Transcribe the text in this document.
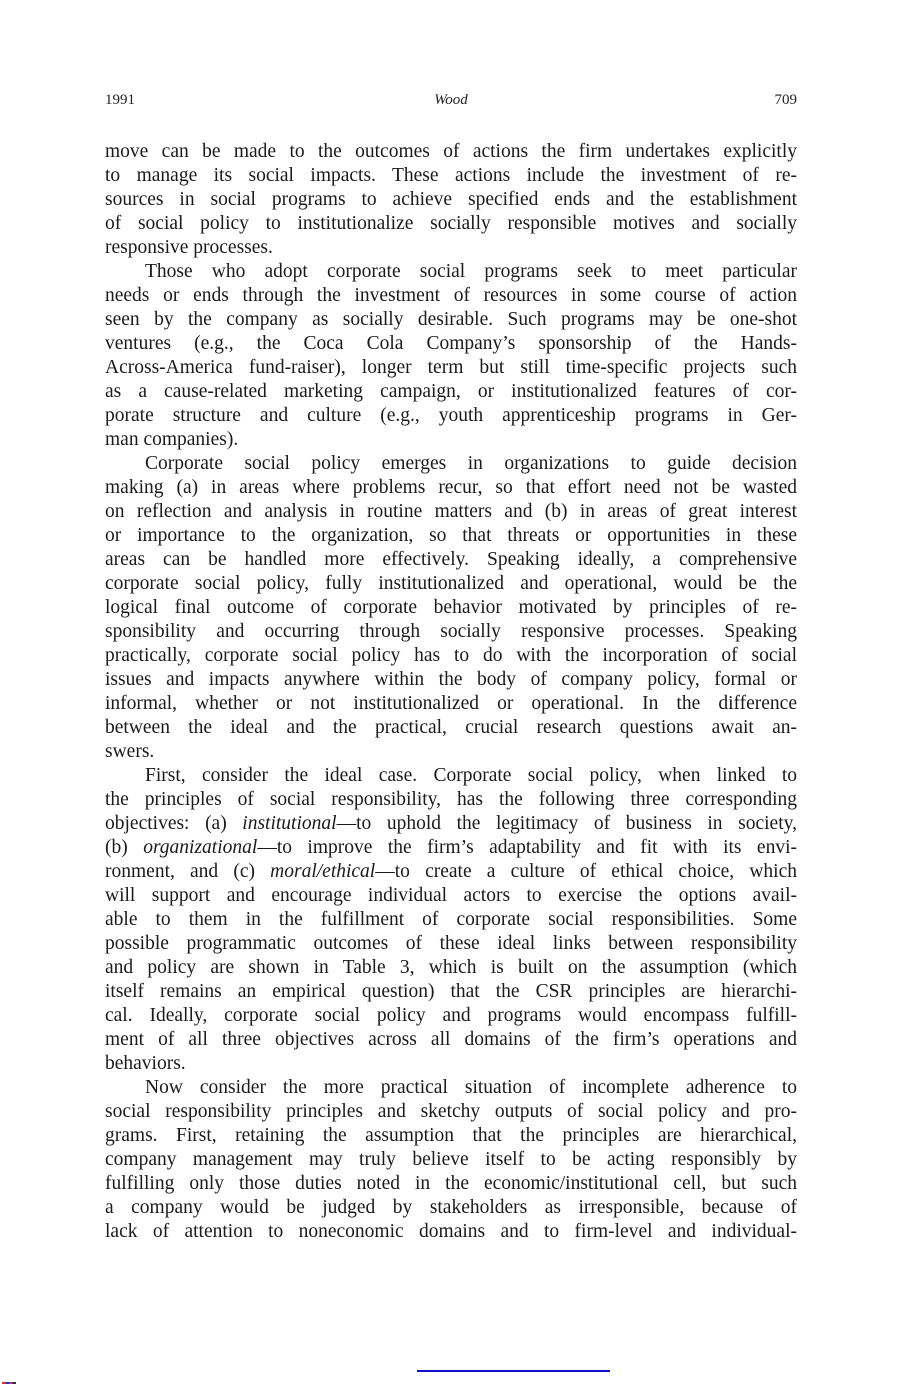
1991	Wood	709
move can be made to the outcomes of actions the firm undertakes explicitly
to manage its social impacts. These actions include the investment of re-
sources in social programs to achieve specified ends and the establishment
of social policy to institutionalize socially responsible motives and socially
responsive processes.
Those who adopt corporate social programs seek to meet particular
needs or ends through the investment of resources in some course of action
seen by the company as socially desirable. Such programs may be one-shot
ventures (e.g., the Coca Cola Company’s sponsorship of the Hands-
Across-America fund-raiser), longer term but still time-specific projects such
as a cause-related marketing campaign, or institutionalized features of cor-
porate structure and culture (e.g., youth apprenticeship programs in Ger-
man companies).
Corporate social policy emerges in organizations to guide decision
making (a) in areas where problems recur, so that effort need not be wasted
on reflection and analysis in routine matters and (b) in areas of great interest
or importance to the organization, so that threats or opportunities in these
areas can be handled more effectively. Speaking ideally, a comprehensive
corporate social policy, fully institutionalized and operational, would be the
logical final outcome of corporate behavior motivated by principles of re-
sponsibility and occurring through socially responsive processes. Speaking
practically, corporate social policy has to do with the incorporation of social
issues and impacts anywhere within the body of company policy, formal or
informal, whether or not institutionalized or operational. In the difference
between the ideal and the practical, crucial research questions await an-
swers.
First, consider the ideal case. Corporate social policy, when linked to
the principles of social responsibility, has the following three corresponding
objectives: (a) institutional—to uphold the legitimacy of business in society,
(b) organizational—to improve the firm’s adaptability and fit with its envi-
ronment, and (c) moral/ethical—to create a culture of ethical choice, which
will support and encourage individual actors to exercise the options avail-
able to them in the fulfillment of corporate social responsibilities. Some
possible programmatic outcomes of these ideal links between responsibility
and policy are shown in Table 3, which is built on the assumption (which
itself remains an empirical question) that the CSR principles are hierarchi-
cal. Ideally, corporate social policy and programs would encompass fulfill-
ment of all three objectives across all domains of the firm’s operations and
behaviors.
Now consider the more practical situation of incomplete adherence to
social responsibility principles and sketchy outputs of social policy and pro-
grams. First, retaining the assumption that the principles are hierarchical,
company management may truly believe itself to be acting responsibly by
fulfilling only those duties noted in the economic/institutional cell, but such
a company would be judged by stakeholders as irresponsible, because of
lack of attention to noneconomic domains and to firm-level and individual-
